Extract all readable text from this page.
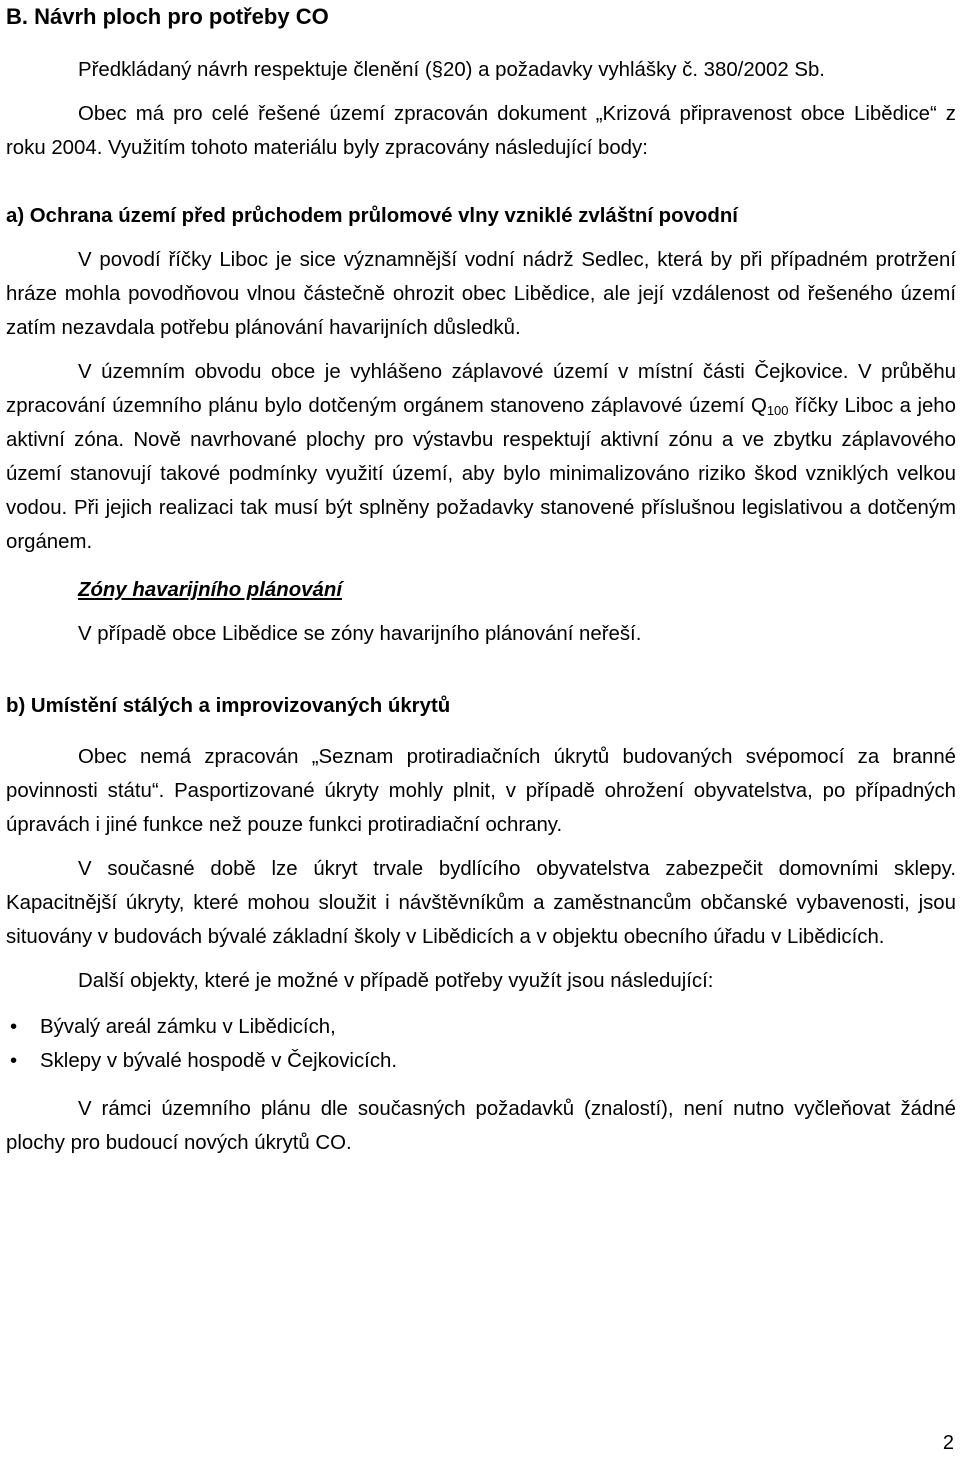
B. Návrh ploch pro potřeby CO

Předkládaný návrh respektuje členění (§20) a požadavky vyhlášky č. 380/2002 Sb.

Obec má pro celé řešené území zpracován dokument „Krizová připravenost obce Libědice“ z roku 2004. Využitím tohoto materiálu byly zpracovány následující body:

a) Ochrana území před průchodem průlomové vlny vzniklé zvláštní povodní

V povodí říčky Liboc je sice významnější vodní nádrž Sedlec, která by při případném protržení hráze mohla povodňovou vlnou částečně ohrozit obec Libědice, ale její vzdálenost od řešeného území zatím nezavdala potřebu plánování havarijních důsledků.

V územním obvodu obce je vyhlášeno záplavové území v místní části Čejkovice. V průběhu zpracování územního plánu bylo dotčeným orgánem stanoveno záplavové území $Q_{100}$ říčky Liboc a jeho aktivní zóna. Nově navrhované plochy pro výstavbu respektují aktivní zónu a ve zbytku záplavového území stanovují takové podmínky využití území, aby bylo minimalizováno riziko škod vzniklých velkou vodou. Při jejich realizaci tak musí být splněny požadavky stanovené příslušnou legislativou a dotčeným orgánem.

Zóny havarijního plánování

V případě obce Libědice se zóny havarijního plánování neřeší.

b) Umístění stálých a improvizovaných úkrytů

Obec nemá zpracován „Seznam protiradiačních úkrytů budovaných svépomocí za branné povinnosti státu“. Pasportizované úkryty mohly plnit, v případě ohrožení obyvatelstva, po případných úpravách i jiné funkce než pouze funkci protiradiační ochrany.

V současné době lze úkryt trvale bydlícího obyvatelstva zabezpečit domovními sklepy. Kapacitnější úkryty, které mohou sloužit i návštěvníkům a zaměstnancům občanské vybavenosti, jsou situovány v budovách bývalé základní školy v Libědicích a v objektu obecního úřadu v Libědicích.

Další objekty, které je možné v případě potřeby využít jsou následující:

• Bývalý areál zámku v Libědicích,
• Sklepy v bývalé hospodě v Čejkovicích.

V rámci územního plánu dle současných požadavků (znalostí), není nutno vyčleňovat žádné plochy pro budoucí nových úkrytů CO.

2
